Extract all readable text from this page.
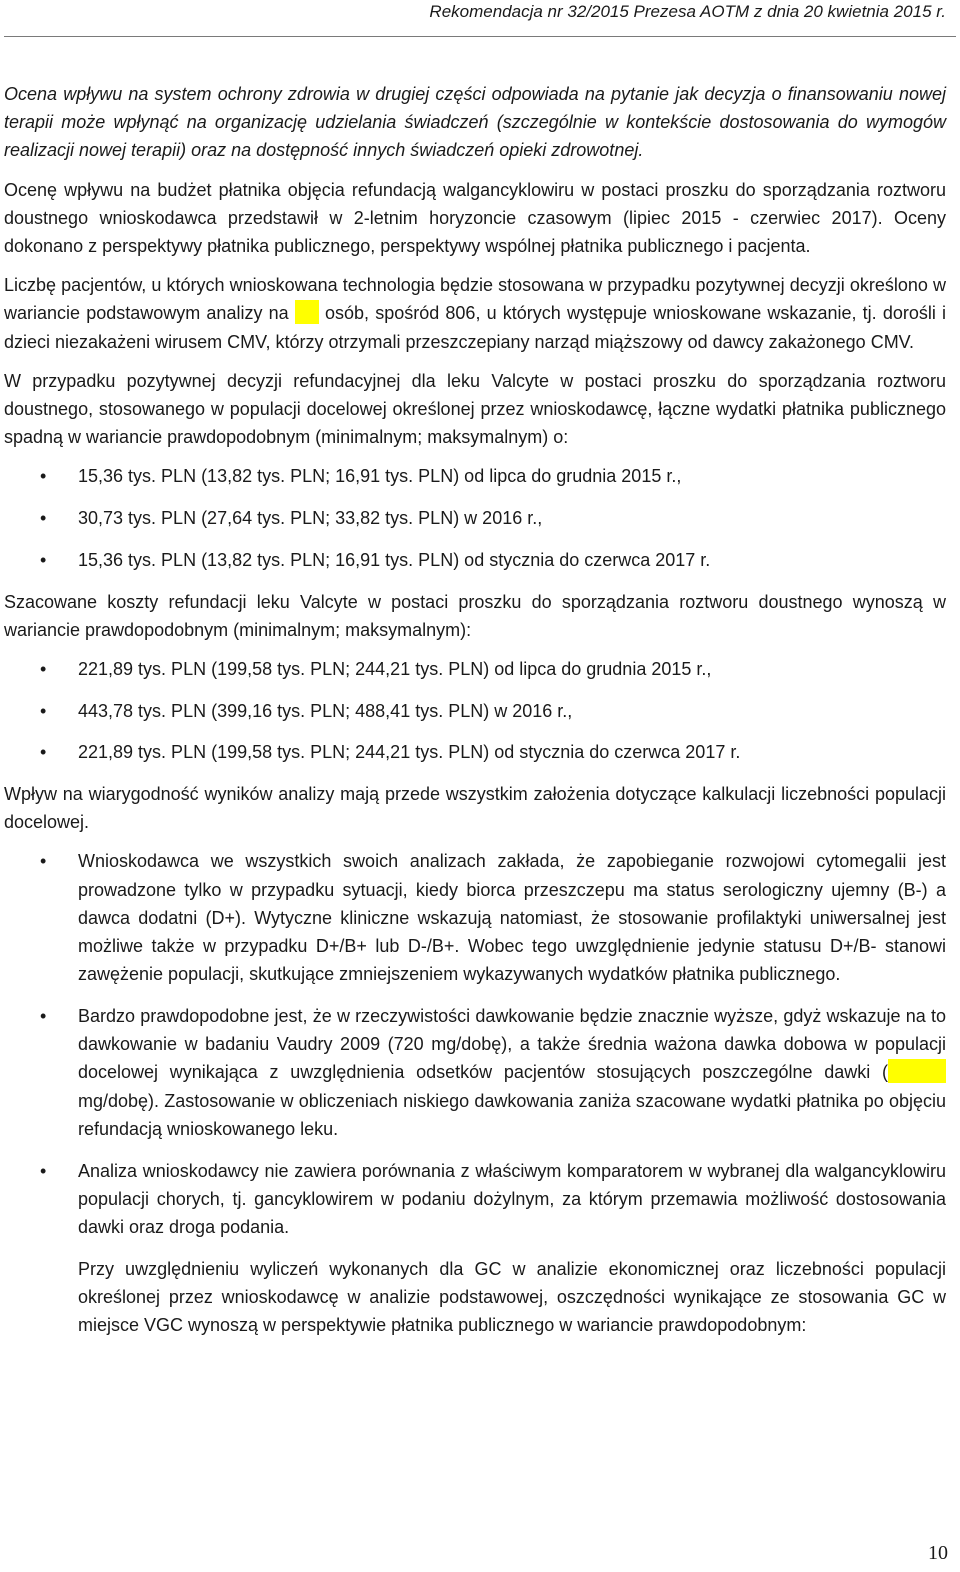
Rekomendacja nr 32/2015 Prezesa AOTM z dnia 20 kwietnia 2015 r.

Ocena wpływu na system ochrony zdrowia w drugiej części odpowiada na pytanie jak decyzja o finansowaniu nowej terapii może wpłynąć na organizację udzielania świadczeń (szczególnie w kontekście dostosowania do wymogów realizacji nowej terapii) oraz na dostępność innych świadczeń opieki zdrowotnej.

Ocenę wpływu na budżet płatnika objęcia refundacją walgancyklowiru w postaci proszku do sporządzania roztworu doustnego wnioskodawca przedstawił w 2-letnim horyzoncie czasowym (lipiec 2015 - czerwiec 2017). Oceny dokonano z perspektywy płatnika publicznego, perspektywy wspólnej płatnika publicznego i pacjenta.

Liczbę pacjentów, u których wnioskowana technologia będzie stosowana w przypadku pozytywnej decyzji określono w wariancie podstawowym analizy na  osób, spośród 806, u których występuje wnioskowane wskazanie, tj. dorośli i dzieci niezakażeni wirusem CMV, którzy otrzymali przeszczepiany narząd miąższowy od dawcy zakażonego CMV.

W przypadku pozytywnej decyzji refundacyjnej dla leku Valcyte w postaci proszku do sporządzania roztworu doustnego, stosowanego w populacji docelowej określonej przez wnioskodawcę, łączne wydatki płatnika publicznego spadną w wariancie prawdopodobnym (minimalnym; maksymalnym) o:

• 15,36 tys. PLN (13,82 tys. PLN; 16,91 tys. PLN) od lipca do grudnia 2015 r.,
• 30,73 tys. PLN (27,64 tys. PLN; 33,82 tys. PLN) w 2016 r.,
• 15,36 tys. PLN (13,82 tys. PLN; 16,91 tys. PLN) od stycznia do czerwca 2017 r.

Szacowane koszty refundacji leku Valcyte w postaci proszku do sporządzania roztworu doustnego wynoszą w wariancie prawdopodobnym (minimalnym; maksymalnym):

• 221,89 tys. PLN (199,58 tys. PLN; 244,21 tys. PLN) od lipca do grudnia 2015 r.,
• 443,78 tys. PLN (399,16 tys. PLN; 488,41 tys. PLN) w 2016 r.,
• 221,89 tys. PLN (199,58 tys. PLN; 244,21 tys. PLN) od stycznia do czerwca 2017 r.

Wpływ na wiarygodność wyników analizy mają przede wszystkim założenia dotyczące kalkulacji liczebności populacji docelowej.

• Wnioskodawca we wszystkich swoich analizach zakłada, że zapobieganie rozwojowi cytomegalii jest prowadzone tylko w przypadku sytuacji, kiedy biorca przeszczepu ma status serologiczny ujemny (B-) a dawca dodatni (D+). Wytyczne kliniczne wskazują natomiast, że stosowanie profilaktyki uniwersalnej jest możliwe także w przypadku D+/B+ lub D-/B+. Wobec tego uwzględnienie jedynie statusu D+/B- stanowi zawężenie populacji, skutkujące zmniejszeniem wykazywanych wydatków płatnika publicznego.
• Bardzo prawdopodobne jest, że w rzeczywistości dawkowanie będzie znacznie wyższe, gdyż wskazuje na to dawkowanie w badaniu Vaudry 2009 (720 mg/dobę), a także średnia ważona dawka dobowa w populacji docelowej wynikająca z uwzględnienia odsetków pacjentów stosujących poszczególne dawki ( mg/dobę). Zastosowanie w obliczeniach niskiego dawkowania zaniża szacowane wydatki płatnika po objęciu refundacją wnioskowanego leku.
• Analiza wnioskodawcy nie zawiera porównania z właściwym komparatorem w wybranej dla walgancyklowiru populacji chorych, tj. gancyklowirem w podaniu dożylnym, za którym przemawia możliwość dostosowania dawki oraz droga podania.

Przy uwzględnieniu wyliczeń wykonanych dla GC w analizie ekonomicznej oraz liczebności populacji określonej przez wnioskodawcę w analizie podstawowej, oszczędności wynikające ze stosowania GC w miejsce VGC wynoszą w perspektywie płatnika publicznego w wariancie prawdopodobnym:

10
